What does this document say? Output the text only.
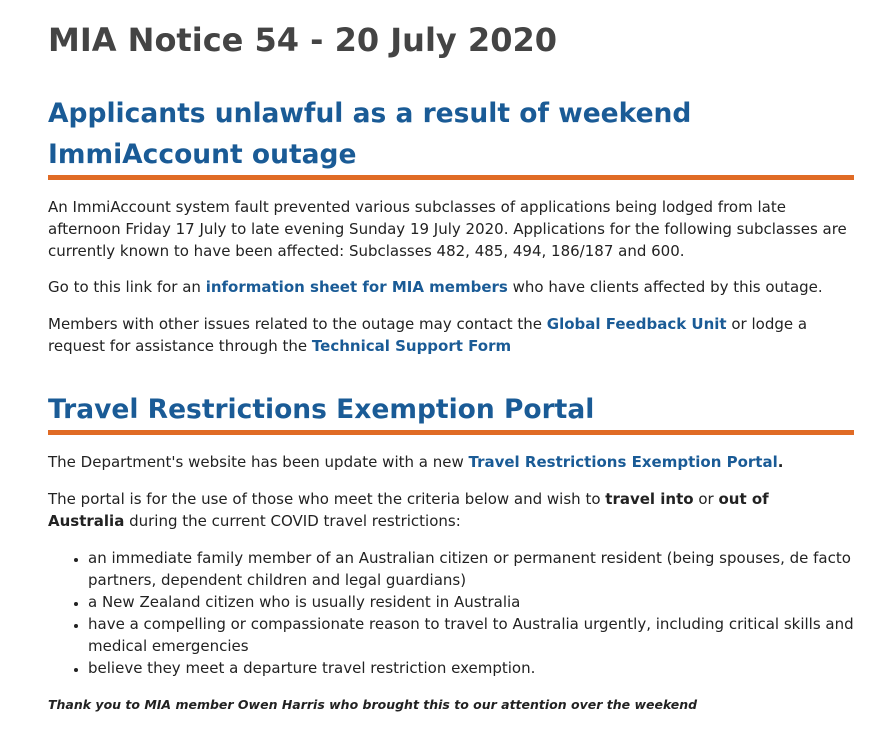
MIA Notice 54 - 20 July 2020
Applicants unlawful as a result of weekend ImmiAccount outage

An ImmiAccount system fault prevented various subclasses of applications being lodged from late afternoon Friday 17 July to late evening Sunday 19 July 2020. Applications for the following subclasses are currently known to have been affected: Subclasses 482, 485, 494, 186/187 and 600.

Go to this link for an information sheet for MIA members who have clients affected by this outage.

Members with other issues related to the outage may contact the Global Feedback Unit or lodge a request for assistance through the Technical Support Form

Travel Restrictions Exemption Portal

The Department's website has been update with a new Travel Restrictions Exemption Portal.

The portal is for the use of those who meet the criteria below and wish to travel into or out of Australia during the current COVID travel restrictions:

• an immediate family member of an Australian citizen or permanent resident (being spouses, de facto partners, dependent children and legal guardians)
• a New Zealand citizen who is usually resident in Australia
• have a compelling or compassionate reason to travel to Australia urgently, including critical skills and medical emergencies
• believe they meet a departure travel restriction exemption.

Thank you to MIA member Owen Harris who brought this to our attention over the weekend
